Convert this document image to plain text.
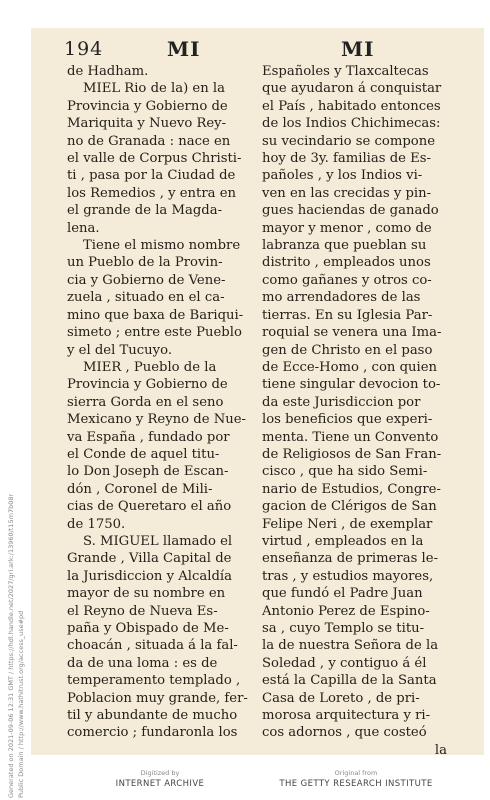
194	MI	MI
de Hadham.
MIEL Rio de la) en la
Provincia y Gobierno de
Mariquita y Nuevo Rey-
no de Granada : nace en
el valle de Corpus Christi-
ti , pasa por la Ciudad de
los Remedios , y entra en
el grande de la Magda-
lena.
Tiene el mismo nombre
un Pueblo de la Provin-
cia y Gobierno de Vene-
zuela , situado en el ca-
mino que baxa de Bariqui-
simeto ; entre este Pueblo
y el del Tucuyo.
MIER , Pueblo de la
Provincia y Gobierno de
sierra Gorda en el seno
Mexicano y Reyno de Nue-
va España , fundado por
el Conde de aquel titu-
lo Don Joseph de Escan-
dón , Coronel de Mili-
cias de Queretaro el año
de 1750.
S. MIGUEL llamado el
Grande , Villa Capital de
la Jurisdiccion y Alcaldía
mayor de su nombre en
el Reyno de Nueva Es-
paña y Obispado de Me-
choacán , situada á la fal-
da de una loma : es de
temperamento templado ,
Poblacion muy grande, fer-
til y abundante de mucho
comercio ; fundaronla los
Españoles y Tlaxcaltecas
que ayudaron á conquistar
el País , habitado entonces
de los Indios Chichimecas:
su vecindario se compone
hoy de 3y. familias de Es-
pañoles , y los Indios vi-
ven en las crecidas y pin-
gues haciendas de ganado
mayor y menor , como de
labranza que pueblan su
distrito , empleados unos
como gañanes y otros co-
mo arrendadores de las
tierras. En su Iglesia Par-
roquial se venera una Ima-
gen de Christo en el paso
de Ecce-Homo , con quien
tiene singular devocion to-
da este Jurisdiccion por
los beneficios que experi-
menta. Tiene un Convento
de Religiosos de San Fran-
cisco , que ha sido Semi-
nario de Estudios, Congre-
gacion de Clérigos de San
Felipe Neri , de exemplar
virtud , empleados en la
enseñanza de primeras le-
tras , y estudios mayores,
que fundó el Padre Juan
Antonio Perez de Espino-
sa , cuyo Templo se titu-
la de nuestra Señora de la
Soledad , y contiguo á él
está la Capilla de la Santa
Casa de Loreto , de pri-
morosa arquitectura y ri-
cos adornos , que costeó
la
Generated on 2021-09-06 12:31 GMT / https://hdl.handle.net/2027/gri.ark:/13960/t15m7b08r Public Domain / http://www.hathitrust.org/access_use#pd	Digitized by
INTERNET ARCHIVE
Original from
THE GETTY RESEARCH INSTITUTE
